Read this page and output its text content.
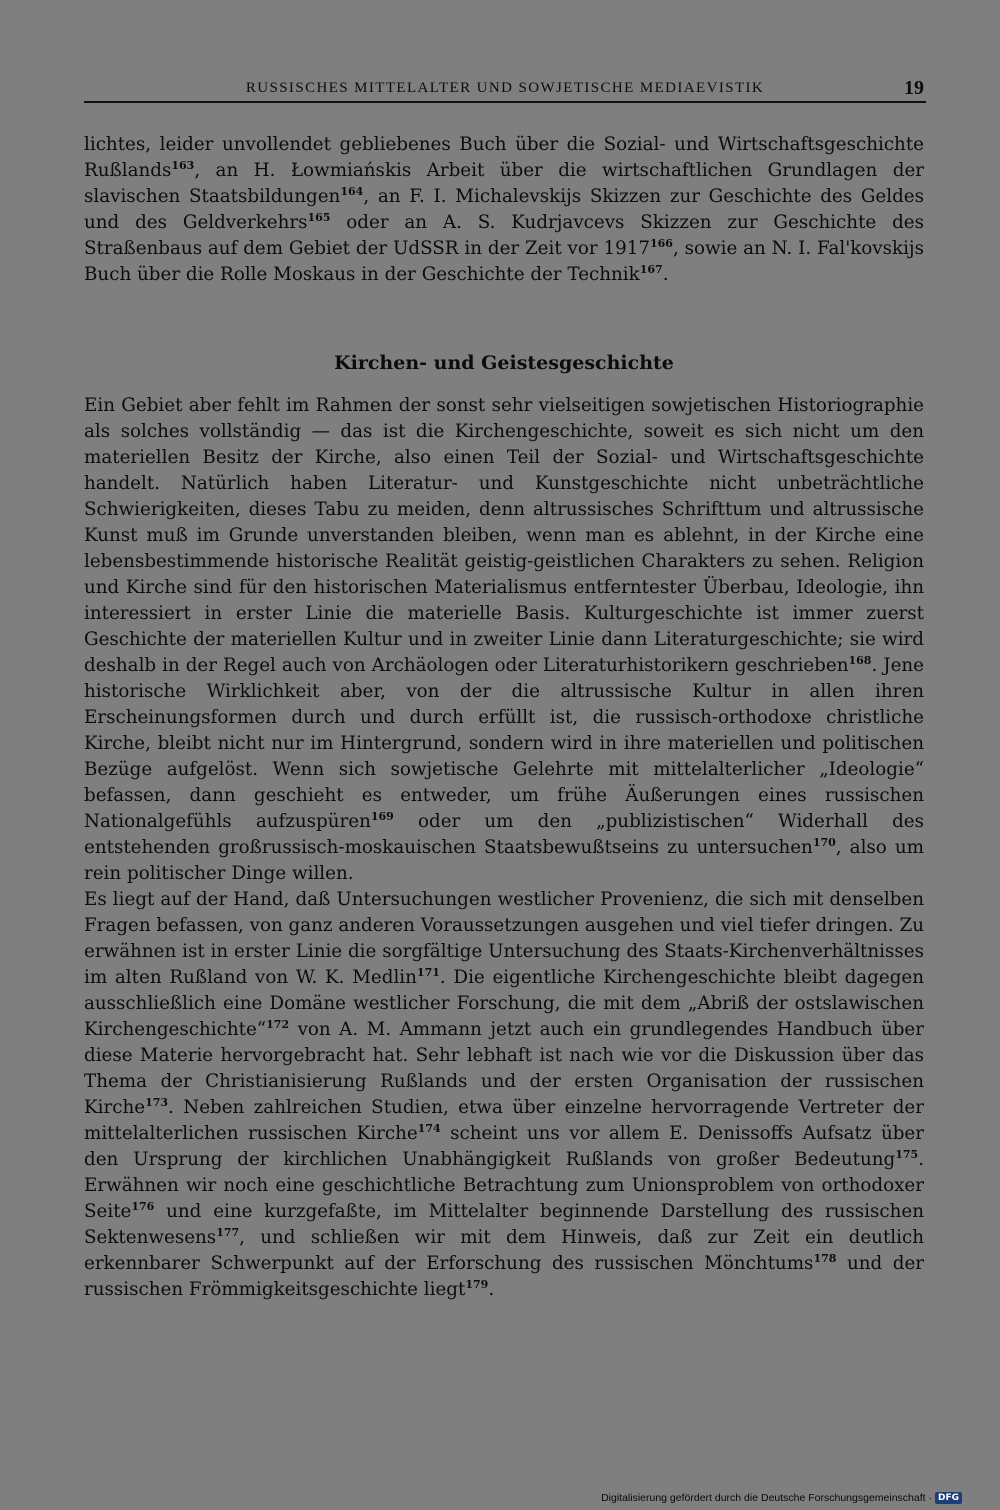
RUSSISCHES MITTELALTER UND SOWJETISCHE MEDIAEVISTIK	19

lichtes, leider unvollendet gebliebenes Buch über die Sozial- und Wirtschaftsgeschichte Rußlands$^{163}$, an H. Łowmiańskis Arbeit über die wirtschaftlichen Grundlagen der slavischen Staatsbildungen$^{164}$, an F. I. Michalevskijs Skizzen zur Geschichte des Geldes und des Geldverkehrs$^{165}$ oder an A. S. Kudrjavcevs Skizzen zur Geschichte des Straßenbaus auf dem Gebiet der UdSSR in der Zeit vor 1917$^{166}$, sowie an N. I. Fal'kovskijs Buch über die Rolle Moskaus in der Geschichte der Technik$^{167}$.

Kirchen- und Geistesgeschichte

Ein Gebiet aber fehlt im Rahmen der sonst sehr vielseitigen sowjetischen Historiographie als solches vollständig — das ist die Kirchengeschichte, soweit es sich nicht um den materiellen Besitz der Kirche, also einen Teil der Sozial- und Wirtschaftsgeschichte handelt. Natürlich haben Literatur- und Kunstgeschichte nicht unbeträchtliche Schwierigkeiten, dieses Tabu zu meiden, denn altrussisches Schrifttum und altrussische Kunst muß im Grunde unverstanden bleiben, wenn man es ablehnt, in der Kirche eine lebensbestimmende historische Realität geistig-geistlichen Charakters zu sehen. Religion und Kirche sind für den historischen Materialismus entferntester Überbau, Ideologie, ihn interessiert in erster Linie die materielle Basis. Kulturgeschichte ist immer zuerst Geschichte der materiellen Kultur und in zweiter Linie dann Literaturgeschichte; sie wird deshalb in der Regel auch von Archäologen oder Literaturhistorikern geschrieben$^{168}$. Jene historische Wirklichkeit aber, von der die altrussische Kultur in allen ihren Erscheinungsformen durch und durch erfüllt ist, die russisch-orthodoxe christliche Kirche, bleibt nicht nur im Hintergrund, sondern wird in ihre materiellen und politischen Bezüge aufgelöst. Wenn sich sowjetische Gelehrte mit mittelalterlicher „Ideologie“ befassen, dann geschieht es entweder, um frühe Äußerungen eines russischen Nationalgefühls aufzuspüren$^{169}$ oder um den „publizistischen“ Widerhall des entstehenden großrussisch-moskauischen Staatsbewußtseins zu untersuchen$^{170}$, also um rein politischer Dinge willen.

Es liegt auf der Hand, daß Untersuchungen westlicher Provenienz, die sich mit denselben Fragen befassen, von ganz anderen Voraussetzungen ausgehen und viel tiefer dringen. Zu erwähnen ist in erster Linie die sorgfältige Untersuchung des Staats-Kirchenverhältnisses im alten Rußland von W. K. Medlin$^{171}$. Die eigentliche Kirchengeschichte bleibt dagegen ausschließlich eine Domäne westlicher Forschung, die mit dem „Abriß der ostslawischen Kirchengeschichte“$^{172}$ von A. M. Ammann jetzt auch ein grundlegendes Handbuch über diese Materie hervorgebracht hat. Sehr lebhaft ist nach wie vor die Diskussion über das Thema der Christianisierung Rußlands und der ersten Organisation der russischen Kirche$^{173}$. Neben zahlreichen Studien, etwa über einzelne hervorragende Vertreter der mittelalterlichen russischen Kirche$^{174}$ scheint uns vor allem E. Denissoffs Aufsatz über den Ursprung der kirchlichen Unabhängigkeit Rußlands von großer Bedeutung$^{175}$. Erwähnen wir noch eine geschichtliche Betrachtung zum Unionsproblem von orthodoxer Seite$^{176}$ und eine kurzgefaßte, im Mittelalter beginnende Darstellung des russischen Sektenwesens$^{177}$, und schließen wir mit dem Hinweis, daß zur Zeit ein deutlich erkennbarer Schwerpunkt auf der Erforschung des russischen Mönchtums$^{178}$ und der russischen Frömmigkeitsgeschichte liegt$^{179}$.

Digitalisierung gefördert durch die Deutsche Forschungsgemeinschaft · DFG
